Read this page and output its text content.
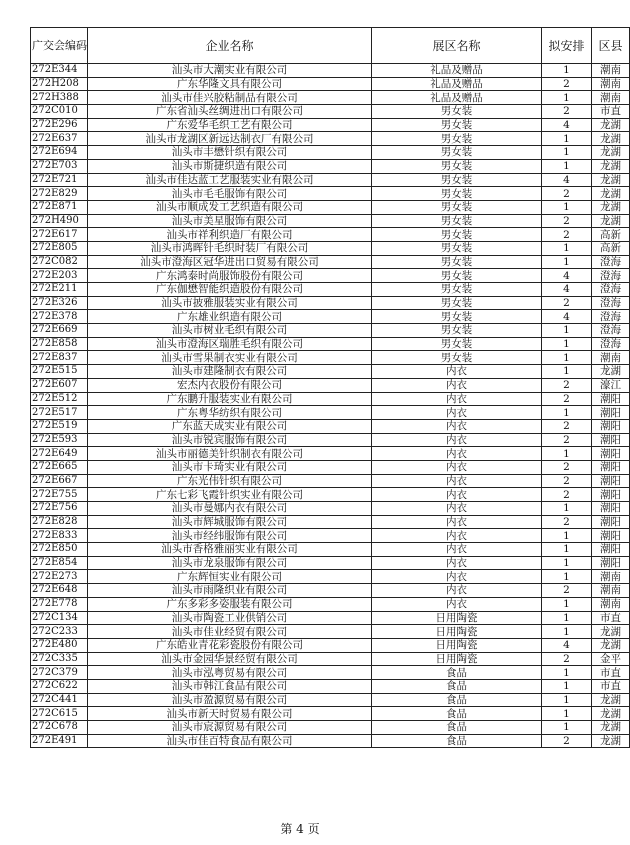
广交会编码	企业名称	展区名称	拟安排	区县
272E344	汕头市大潮实业有限公司	礼品及赠品	1	潮南
272H208	广东华隆文具有限公司	礼品及赠品	2	潮南
272H388	汕头市佳兴胶粘制品有限公司	礼品及赠品	1	潮南
272C010	广东省汕头丝绸进出口有限公司	男女装	2	市直
272E296	广东爱华毛织工艺有限公司	男女装	4	龙湖
272E637	汕头市龙湖区新远达制衣厂有限公司	男女装	1	龙湖
272E694	汕头市丰懋针织有限公司	男女装	1	龙湖
272E703	汕头市斯捷织造有限公司	男女装	1	龙湖
272E721	汕头市佳达蓝工艺服装实业有限公司	男女装	4	龙湖
272E829	汕头市毛毛服饰有限公司	男女装	2	龙湖
272E871	汕头市顺成发工艺织造有限公司	男女装	1	龙湖
272H490	汕头市美星服饰有限公司	男女装	2	龙湖
272E617	汕头市祥利织造厂有限公司	男女装	2	高新
272E805	汕头市鸿晖针毛织时装厂有限公司	男女装	1	高新
272C082	汕头市澄海区冠华进出口贸易有限公司	男女装	1	澄海
272E203	广东鸿泰时尚服饰股份有限公司	男女装	4	澄海
272E211	广东伽懋智能织造股份有限公司	男女装	4	澄海
272E326	汕头市披雅服装实业有限公司	男女装	2	澄海
272E378	广东雄业织造有限公司	男女装	4	澄海
272E669	汕头市树业毛织有限公司	男女装	1	澄海
272E858	汕头市澄海区瑞胜毛织有限公司	男女装	1	澄海
272E837	汕头市雪果制衣实业有限公司	男女装	1	潮南
272E515	汕头市建隆制衣有限公司	内衣	1	龙湖
272E607	宏杰内衣股份有限公司	内衣	2	濠江
272E512	广东鹏升服装实业有限公司	内衣	2	潮阳
272E517	广东粤华纺织有限公司	内衣	1	潮阳
272E519	广东蓝天成实业有限公司	内衣	2	潮阳
272E593	汕头市锐宾服饰有限公司	内衣	2	潮阳
272E649	汕头市丽德美针织制衣有限公司	内衣	1	潮阳
272E665	汕头市卡琦实业有限公司	内衣	2	潮阳
272E667	广东光伟针织有限公司	内衣	2	潮阳
272E755	广东七彩飞霞针织实业有限公司	内衣	2	潮阳
272E756	汕头市曼娜内衣有限公司	内衣	1	潮阳
272E828	汕头市辉城服饰有限公司	内衣	2	潮阳
272E833	汕头市经纬服饰有限公司	内衣	1	潮阳
272E850	汕头市香格雅丽实业有限公司	内衣	1	潮阳
272E854	汕头市龙泉服饰有限公司	内衣	1	潮阳
272E273	广东辉恒实业有限公司	内衣	1	潮南
272E648	汕头市雨隆织业有限公司	内衣	2	潮南
272E778	广东多彩多姿服装有限公司	内衣	1	潮南
272C134	汕头市陶瓷工业供销公司	日用陶瓷	1	市直
272C233	汕头市佳业经贸有限公司	日用陶瓷	1	龙湖
272E480	广东皓业青花彩瓷股份有限公司	日用陶瓷	4	龙湖
272C335	汕头市金园华景经贸有限公司	日用陶瓷	2	金平
272C379	汕头市泓粤贸易有限公司	食品	1	市直
272C622	汕头市韩江食品有限公司	食品	1	市直
272C441	汕头市盈源贸易有限公司	食品	1	龙湖
272C615	汕头市新天时贸易有限公司	食品	1	龙湖
272C678	汕头市宸源贸易有限公司	食品	1	龙湖
272E491	汕头市佳百特食品有限公司	食品	2	龙湖
第 4 页
